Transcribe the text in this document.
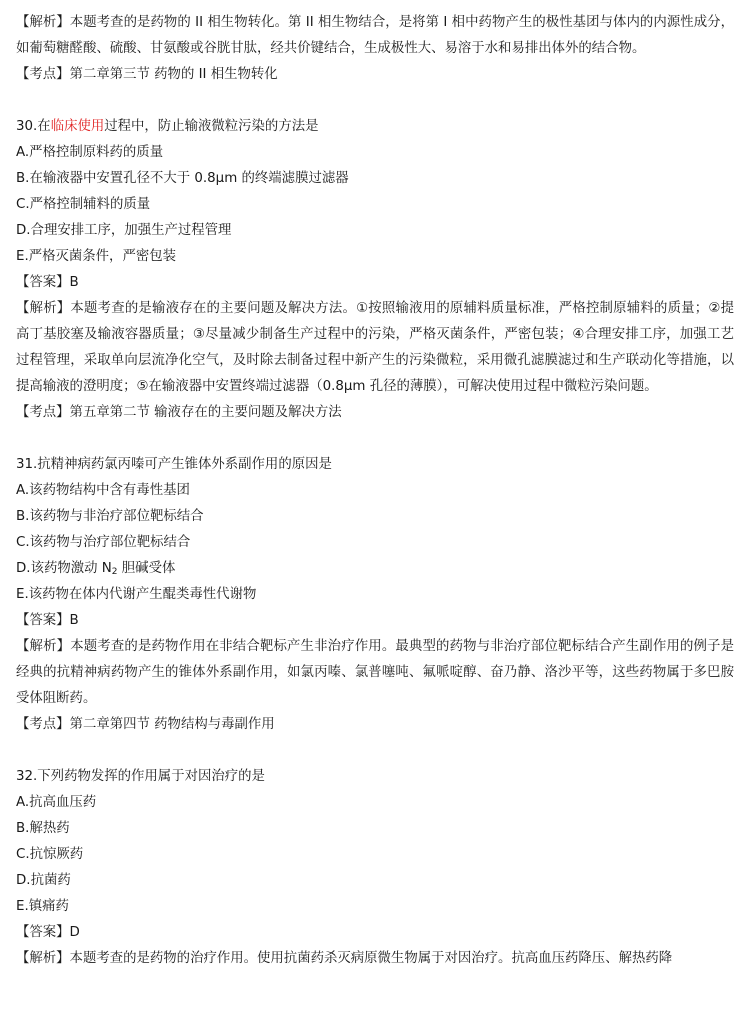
【解析】本题考查的是药物的 II 相生物转化。第 II 相生物结合，是将第 I 相中药物产生的极性基团与体内的内源性成分，如葡萄糖醛酸、硫酸、甘氨酸或谷胱甘肽，经共价键结合，生成极性大、易溶于水和易排出体外的结合物。
【考点】第二章第三节 药物的 II 相生物转化
30.在临床使用过程中，防止输液微粒污染的方法是
A.严格控制原料药的质量
B.在输液器中安置孔径不大于 0.8μm 的终端滤膜过滤器
C.严格控制辅料的质量
D.合理安排工序，加强生产过程管理
E.严格灭菌条件，严密包装
【答案】B
【解析】本题考查的是输液存在的主要问题及解决方法。①按照输液用的原辅料质量标准，严格控制原辅料的质量；②提高丁基胶塞及输液容器质量；③尽量减少制备生产过程中的污染，严格灭菌条件，严密包装；④合理安排工序，加强工艺过程管理，采取单向层流净化空气，及时除去制备过程中新产生的污染微粒，采用微孔滤膜滤过和生产联动化等措施，以提高输液的澄明度；⑤在输液器中安置终端过滤器（0.8μm 孔径的薄膜），可解决使用过程中微粒污染问题。
【考点】第五章第二节 输液存在的主要问题及解决方法
31.抗精神病药氯丙嗪可产生锥体外系副作用的原因是
A.该药物结构中含有毒性基团
B.该药物与非治疗部位靶标结合
C.该药物与治疗部位靶标结合
D.该药物激动 $N_2$ 胆碱受体
E.该药物在体内代谢产生醌类毒性代谢物
【答案】B
【解析】本题考查的是药物作用在非结合靶标产生非治疗作用。最典型的药物与非治疗部位靶标结合产生副作用的例子是经典的抗精神病药物产生的锥体外系副作用，如氯丙嗪、氯普噻吨、氟哌啶醇、奋乃静、洛沙平等，这些药物属于多巴胺受体阻断药。
【考点】第二章第四节 药物结构与毒副作用
32.下列药物发挥的作用属于对因治疗的是
A.抗高血压药
B.解热药
C.抗惊厥药
D.抗菌药
E.镇痛药
【答案】D
【解析】本题考查的是药物的治疗作用。使用抗菌药杀灭病原微生物属于对因治疗。抗高血压药降压、解热药降
